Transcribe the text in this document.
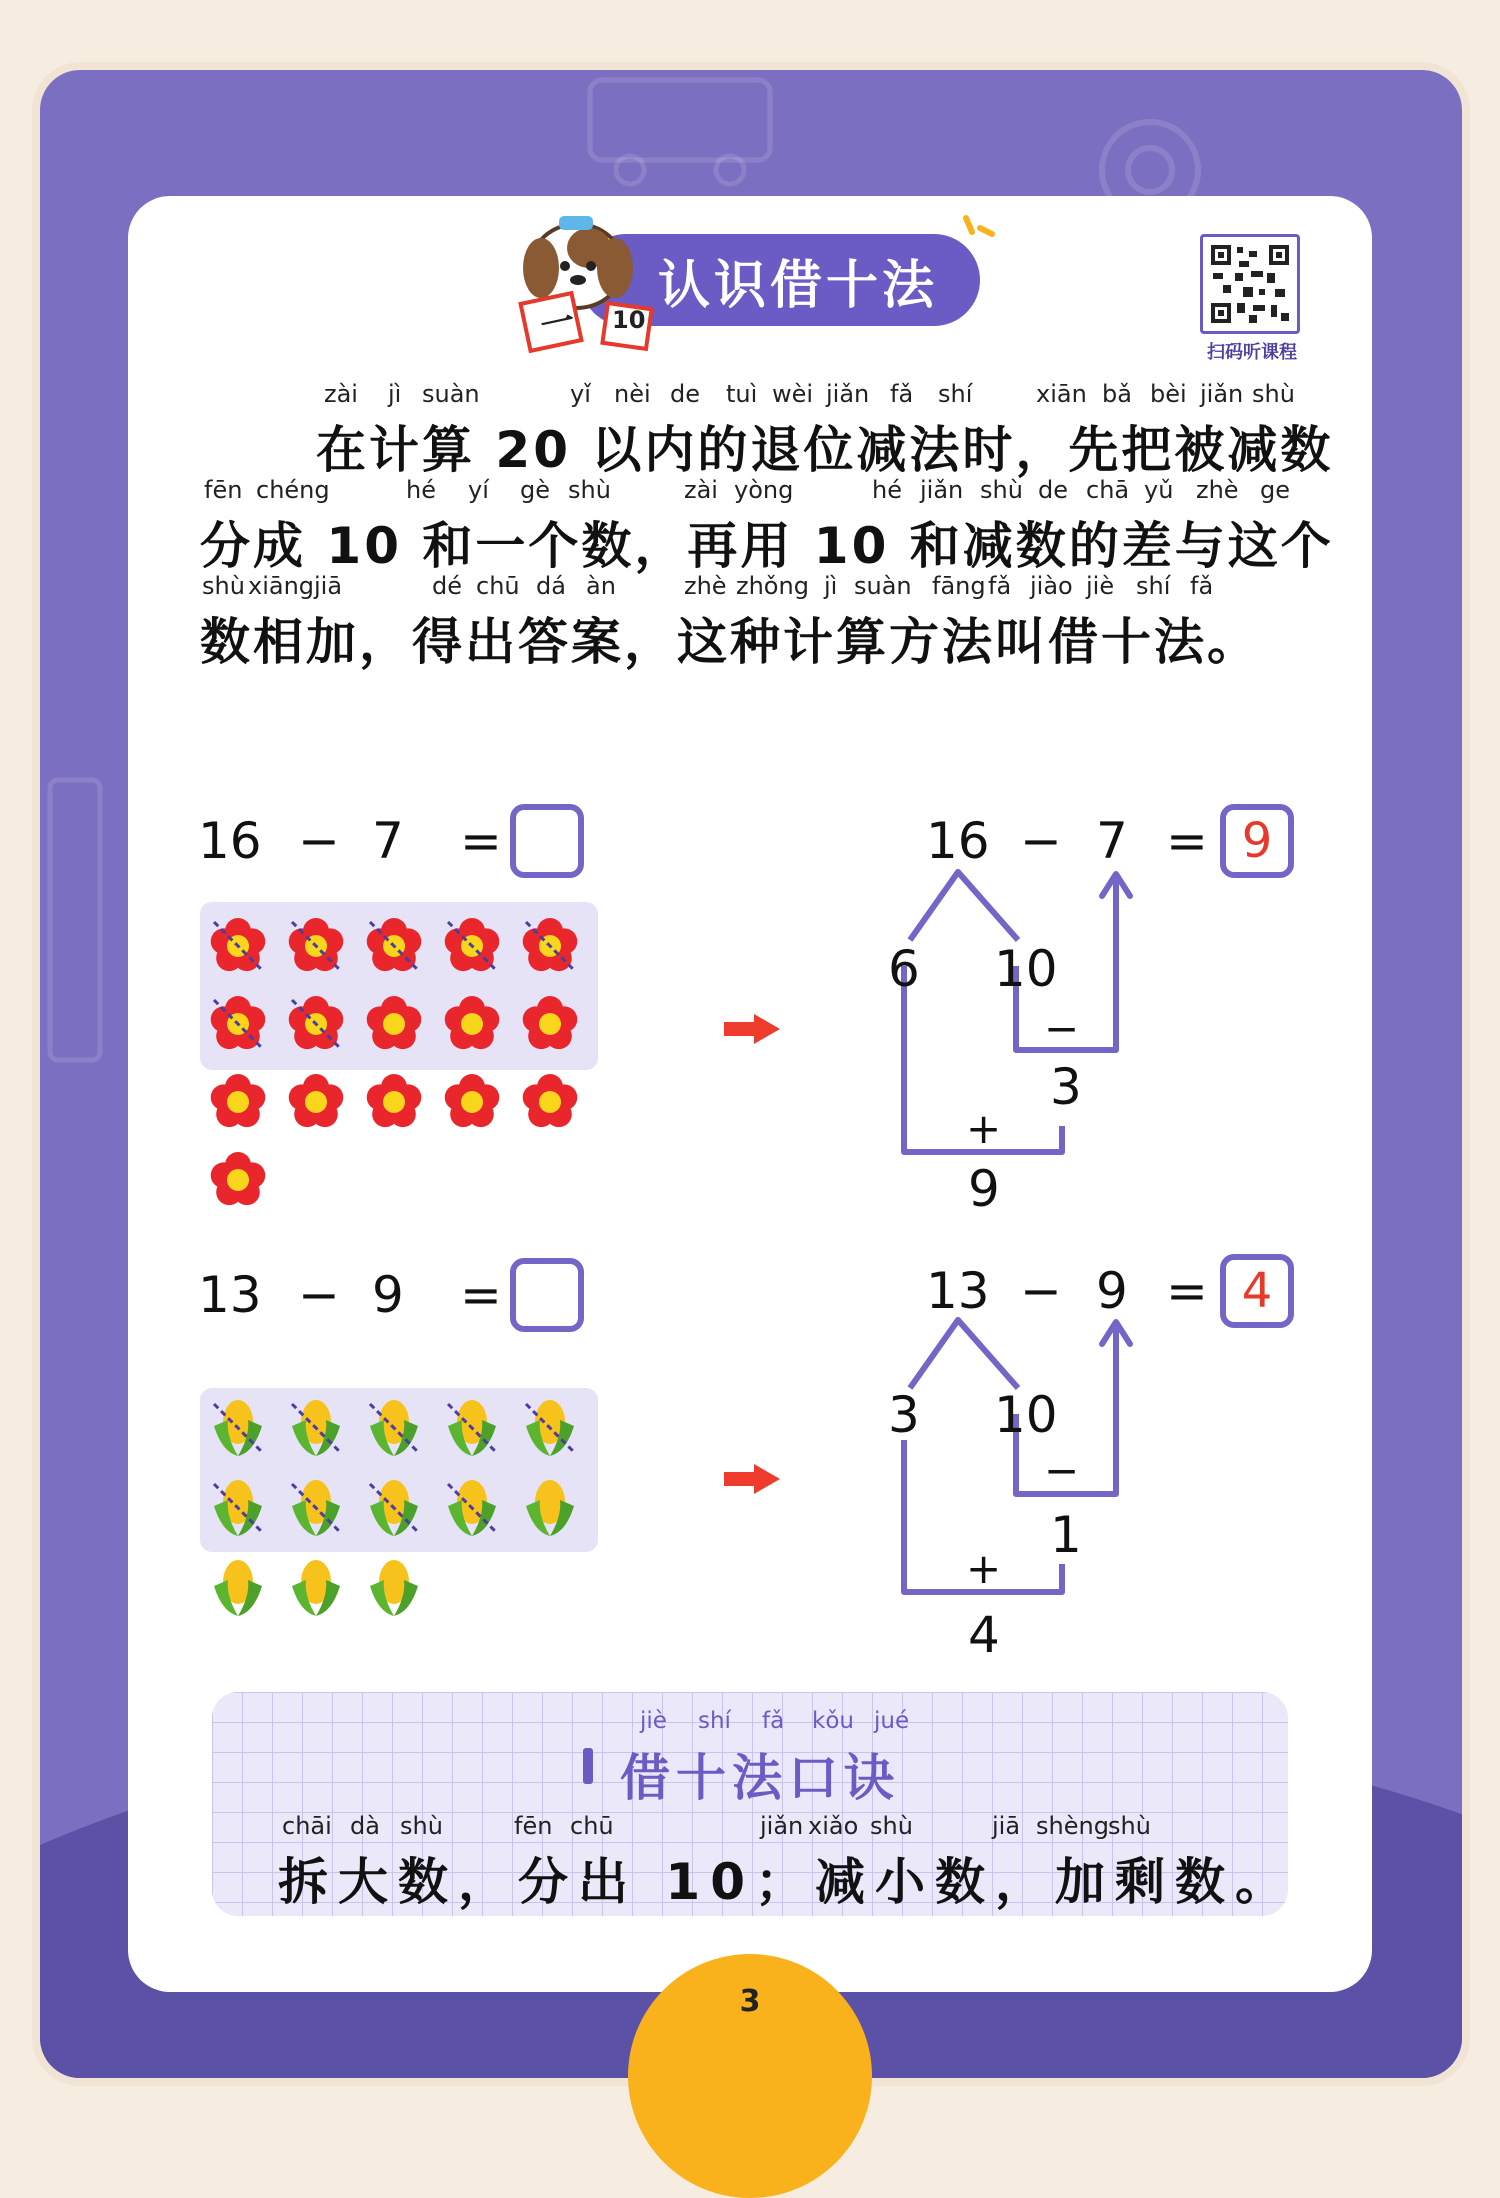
认识借十法
一 10
扫码听课程
zài jì suàn	yǐ nèi de tuì wèi jiǎn fǎ shí	xiān bǎ bèi jiǎn shù
在计算 20 以内的退位减法时，先把被减数
fēn chéng	hé yí gè shù	zài yòng	hé jiǎn shù de chā yǔ zhè ge
分成 10 和一个数，再用 10 和减数的差与这个
shù xiāng jiā	dé chū dá àn	zhè zhǒng jì suàn fāng fǎ jiào jiè shí fǎ
数相加，得出答案，这种计算方法叫借十法。
16 − 7 =	16 − 7 = 9
6 10
−
3
+
9
13 − 9 =	13 − 9 = 4
3 10
−
1
+
4
jiè shí fǎ kǒu jué
借十法口诀
chāi dà shù	fēn chū	jiǎn xiǎo shù	jiā shèng shù
拆大数，分出 10；减小数，加剩数。
3
